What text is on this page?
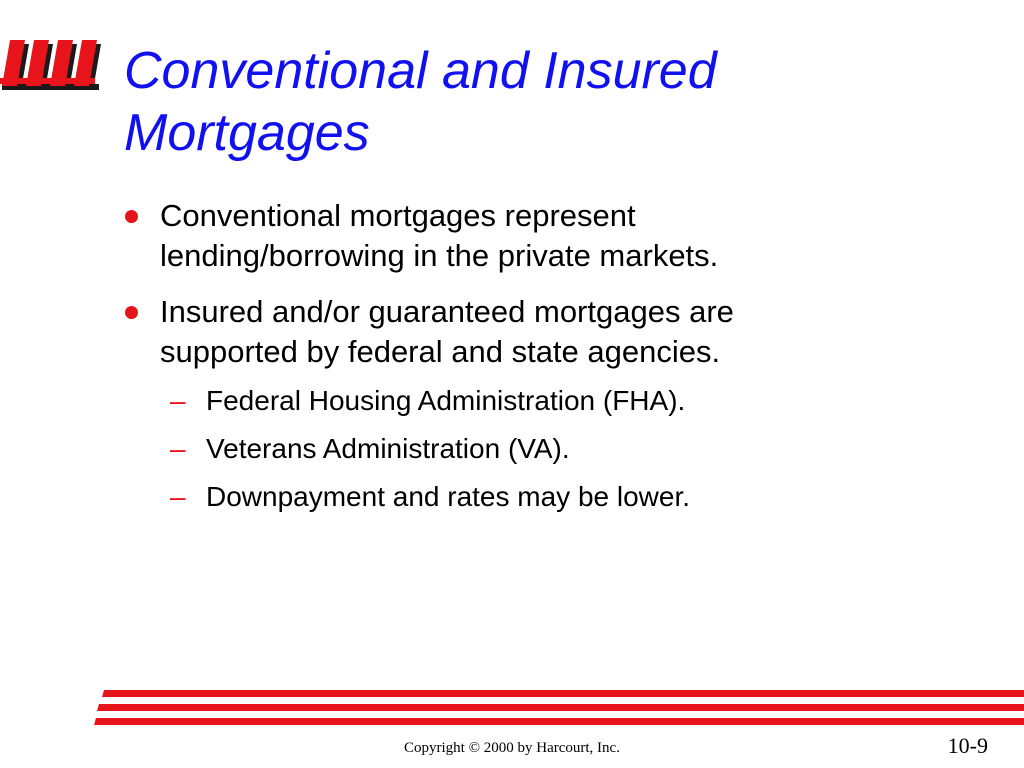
Conventional and Insured
Mortgages
Conventional mortgages represent
lending/borrowing in the private markets.
Insured and/or guaranteed mortgages are
supported by federal and state agencies.
– Federal Housing Administration (FHA).
– Veterans Administration (VA).
– Downpayment and rates may be lower.
Copyright © 2000 by Harcourt, Inc.	10-9
